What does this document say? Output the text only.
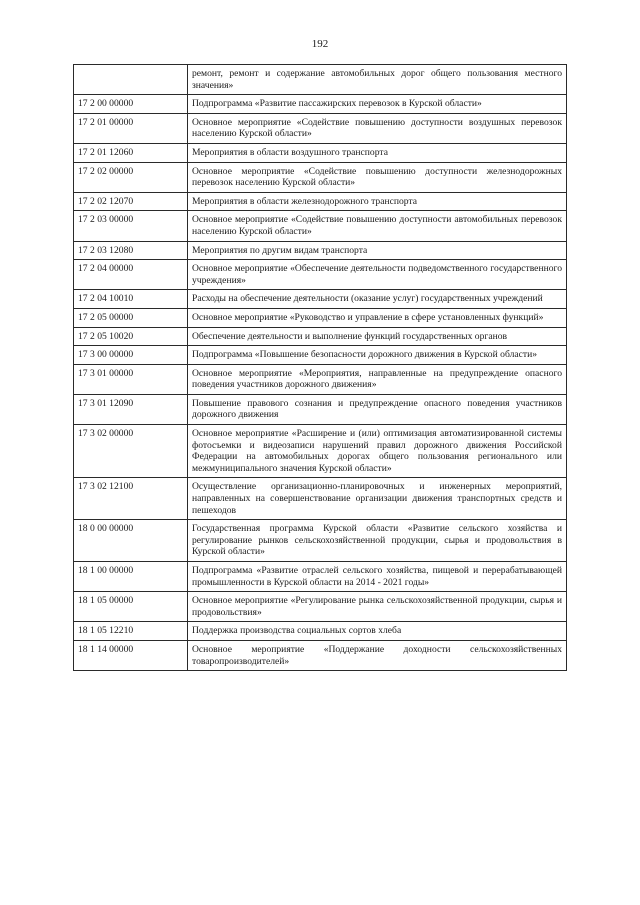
192
	ремонт, ремонт и содержание автомобильных дорог общего пользования местного значения»
17 2 00 00000	Подпрограмма «Развитие пассажирских перевозок в Курской области»
17 2 01 00000	Основное мероприятие «Содействие повышению доступности воздушных перевозок населению Курской области»
17 2 01 12060	Мероприятия в области воздушного транспорта
17 2 02 00000	Основное мероприятие «Содействие повышению доступности железнодорожных перевозок населению Курской области»
17 2 02 12070	Мероприятия в области железнодорожного транспорта
17 2 03 00000	Основное мероприятие «Содействие повышению доступности автомобильных перевозок населению Курской области»
17 2 03 12080	Мероприятия по другим видам транспорта
17 2 04 00000	Основное мероприятие «Обеспечение деятельности подведомственного государственного учреждения»
17 2 04 10010	Расходы на обеспечение деятельности (оказание услуг) государственных учреждений
17 2 05 00000	Основное мероприятие «Руководство и управление в сфере установленных функций»
17 2 05 10020	Обеспечение деятельности и выполнение функций государственных органов
17 3 00 00000	Подпрограмма «Повышение безопасности дорожного движения в Курской области»
17 3 01 00000	Основное мероприятие «Мероприятия, направленные на предупреждение опасного поведения участников дорожного движения»
17 3 01 12090	Повышение правового сознания и предупреждение опасного поведения участников дорожного движения
17 3 02 00000	Основное мероприятие «Расширение и (или) оптимизация автоматизированной системы фотосъемки и видеозаписи нарушений правил дорожного движения Российской Федерации на автомобильных дорогах общего пользования регионального или межмуниципального значения Курской области»
17 3 02 12100	Осуществление организационно-планировочных и инженерных мероприятий, направленных на совершенствование организации движения транспортных средств и пешеходов
18 0 00 00000	Государственная программа Курской области «Развитие сельского хозяйства и регулирование рынков сельскохозяйственной продукции, сырья и продовольствия в Курской области»
18 1 00 00000	Подпрограмма «Развитие отраслей сельского хозяйства, пищевой и перерабатывающей промышленности в Курской области на 2014 - 2021 годы»
18 1 05 00000	Основное мероприятие «Регулирование рынка сельскохозяйственной продукции, сырья и продовольствия»
18 1 05 12210	Поддержка производства социальных сортов хлеба
18 1 14 00000	Основное мероприятие «Поддержание доходности сельскохозяйственных товаропроизводителей»
